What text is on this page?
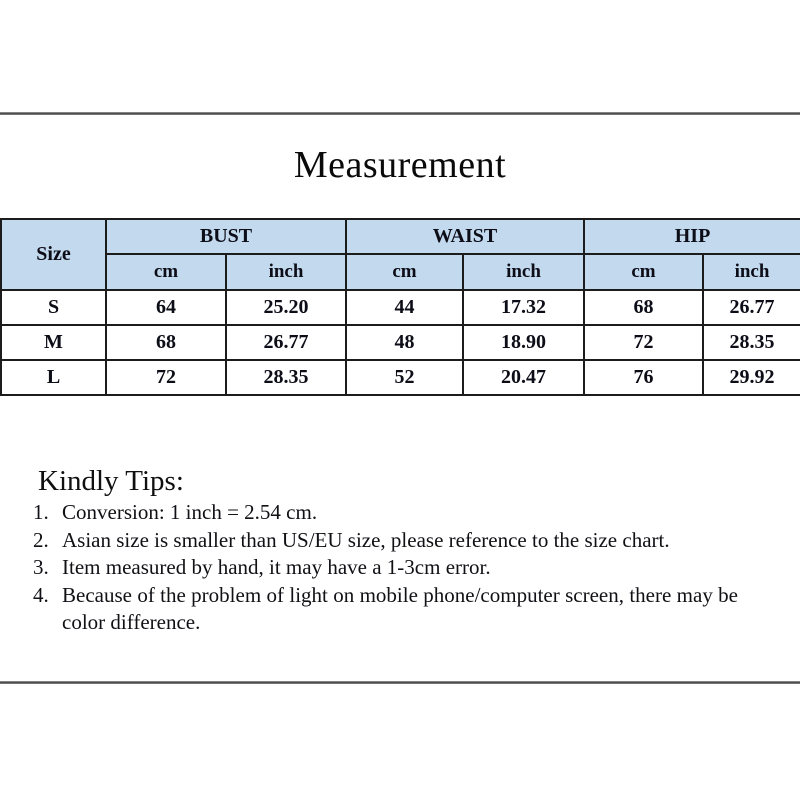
Measurement
Size	BUST		WAIST		HIP	
	cm	inch	cm	inch	cm	inch
S	64	25.20	44	17.32	68	26.77
M	68	26.77	48	18.90	72	28.35
L	72	28.35	52	20.47	76	29.92
Kindly Tips:
1. Conversion: 1 inch = 2.54 cm.
2. Asian size is smaller than US/EU size, please reference to the size chart.
3. Item measured by hand, it may have a 1-3cm error.
4. Because of the problem of light on mobile phone/computer screen, there may be color difference.
